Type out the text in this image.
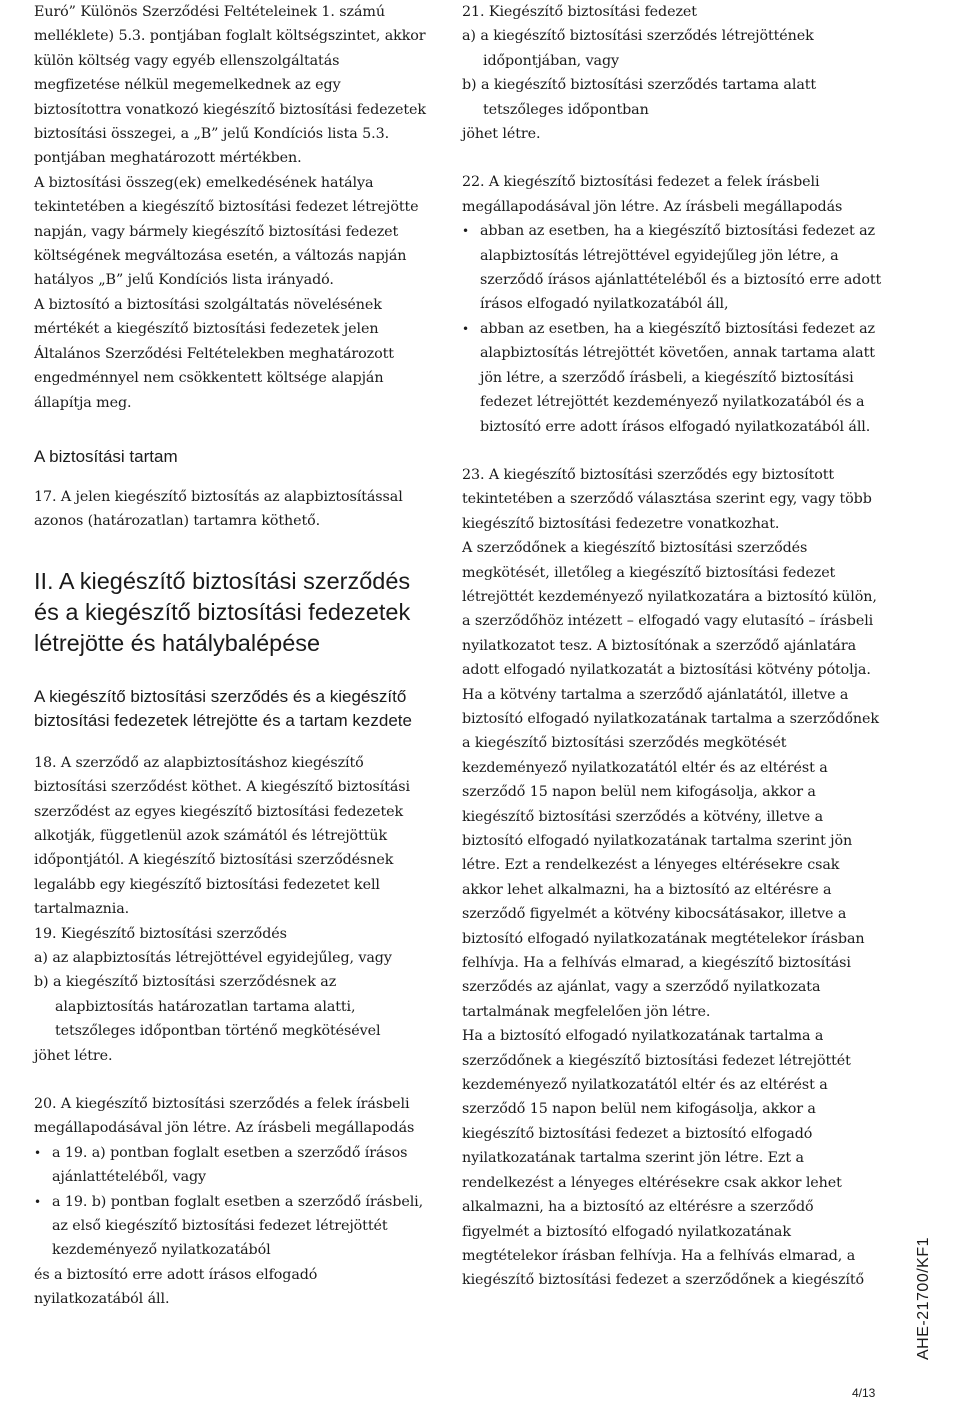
Euró” Különös Szerződési Feltételeinek 1. számú melléklete) 5.3. pontjában foglalt költségszintet, akkor külön költség vagy egyéb ellenszolgáltatás megfizetése nélkül megemelkednek az egy biztosítottra vonatkozó kiegészítő biztosítási fedezetek biztosítási összegei, a „B” jelű Kondíciós lista 5.3. pontjában meghatározott mértékben.

A biztosítási összeg(ek) emelkedésének hatálya tekintetében a kiegészítő biztosítási fedezet létrejötte napján, vagy bármely kiegészítő biztosítási fedezet költségének megváltozása esetén, a változás napján hatályos „B” jelű Kondíciós lista irányadó.

A biztosító a biztosítási szolgáltatás növelésének mértékét a kiegészítő biztosítási fedezetek jelen Általános Szerződési Feltételekben meghatározott engedménnyel nem csökkentett költsége alapján állapítja meg.

A biztosítási tartam

17. A jelen kiegészítő biztosítás az alapbiztosítással azonos (határozatlan) tartamra köthető.

II. A kiegészítő biztosítási szerződés és a kiegészítő biztosítási fedezetek létrejötte és hatálybalépése
A kiegészítő biztosítási szerződés és a kiegészítő biztosítási fedezetek létrejötte és a tartam kezdete

18. A szerződő az alapbiztosításhoz kiegészítő biztosítási szerződést köthet. A kiegészítő biztosítási szerződést az egyes kiegészítő biztosítási fedezetek alkotják, függetlenül azok számától és létrejöttük időpontjától. A kiegészítő biztosítási szerződésnek legalább egy kiegészítő biztosítási fedezetet kell tartalmaznia.

19. Kiegészítő biztosítási szerződés

a) az alapbiztosítás létrejöttével egyidejűleg, vagy

b) a kiegészítő biztosítási szerződésnek az alapbiztosítás határozatlan tartama alatti, tetszőleges időpontban történő megkötésével

jöhet létre.

20. A kiegészítő biztosítási szerződés a felek írásbeli megállapodásával jön létre. Az írásbeli megállapodás

• a 19. a) pontban foglalt esetben a szerződő írásos ajánlattételéből, vagy
• a 19. b) pontban foglalt esetben a szerződő írásbeli, az első kiegészítő biztosítási fedezet létrejöttét kezdeményező nyilatkozatából

és a biztosító erre adott írásos elfogadó nyilatkozatából áll.

21. Kiegészítő biztosítási fedezet

a) a kiegészítő biztosítási szerződés létrejöttének időpontjában, vagy

b) a kiegészítő biztosítási szerződés tartama alatt tetszőleges időpontban

jöhet létre.

22. A kiegészítő biztosítási fedezet a felek írásbeli megállapodásával jön létre. Az írásbeli megállapodás

• abban az esetben, ha a kiegészítő biztosítási fedezet az alapbiztosítás létrejöttével egyidejűleg jön létre, a szerződő írásos ajánlattételéből és a biztosító erre adott írásos elfogadó nyilatkozatából áll,
• abban az esetben, ha a kiegészítő biztosítási fedezet az alapbiztosítás létrejöttét követően, annak tartama alatt jön létre, a szerződő írásbeli, a kiegészítő biztosítási fedezet létrejöttét kezdeményező nyilatkozatából és a biztosító erre adott írásos elfogadó nyilatkozatából áll.

23. A kiegészítő biztosítási szerződés egy biztosított tekintetében a szerződő választása szerint egy, vagy több kiegészítő biztosítási fedezetre vonatkozhat.

A szerződőnek a kiegészítő biztosítási szerződés megkötését, illetőleg a kiegészítő biztosítási fedezet létrejöttét kezdeményező nyilatkozatára a biztosító külön, a szerződőhöz intézett – elfogadó vagy elutasító – írásbeli nyilatkozatot tesz. A biztosítónak a szerződő ajánlatára adott elfogadó nyilatkozatát a biztosítási kötvény pótolja.

Ha a kötvény tartalma a szerződő ajánlatától, illetve a biztosító elfogadó nyilatkozatának tartalma a szerződőnek a kiegészítő biztosítási szerződés megkötését kezdeményező nyilatkozatától eltér és az eltérést a szerződő 15 napon belül nem kifogásolja, akkor a kiegészítő biztosítási szerződés a kötvény, illetve a biztosító elfogadó nyilatkozatának tartalma szerint jön létre. Ezt a rendelkezést a lényeges eltérésekre csak akkor lehet alkalmazni, ha a biztosító az eltérésre a szerződő figyelmét a kötvény kibocsátásakor, illetve a biztosító elfogadó nyilatkozatának megtételekor írásban felhívja. Ha a felhívás elmarad, a kiegészítő biztosítási szerződés az ajánlat, vagy a szerződő nyilatkozata tartalmának megfelelően jön létre.

Ha a biztosító elfogadó nyilatkozatának tartalma a szerződőnek a kiegészítő biztosítási fedezet létrejöttét kezdeményező nyilatkozatától eltér és az eltérést a szerződő 15 napon belül nem kifogásolja, akkor a kiegészítő biztosítási fedezet a biztosító elfogadó nyilatkozatának tartalma szerint jön létre. Ezt a rendelkezést a lényeges eltérésekre csak akkor lehet alkalmazni, ha a biztosító az eltérésre a szerződő figyelmét a biztosító elfogadó nyilatkozatának megtételekor írásban felhívja. Ha a felhívás elmarad, a kiegészítő biztosítási fedezet a szerződőnek a kiegészítő	AHE-21700/KF1
4/13
